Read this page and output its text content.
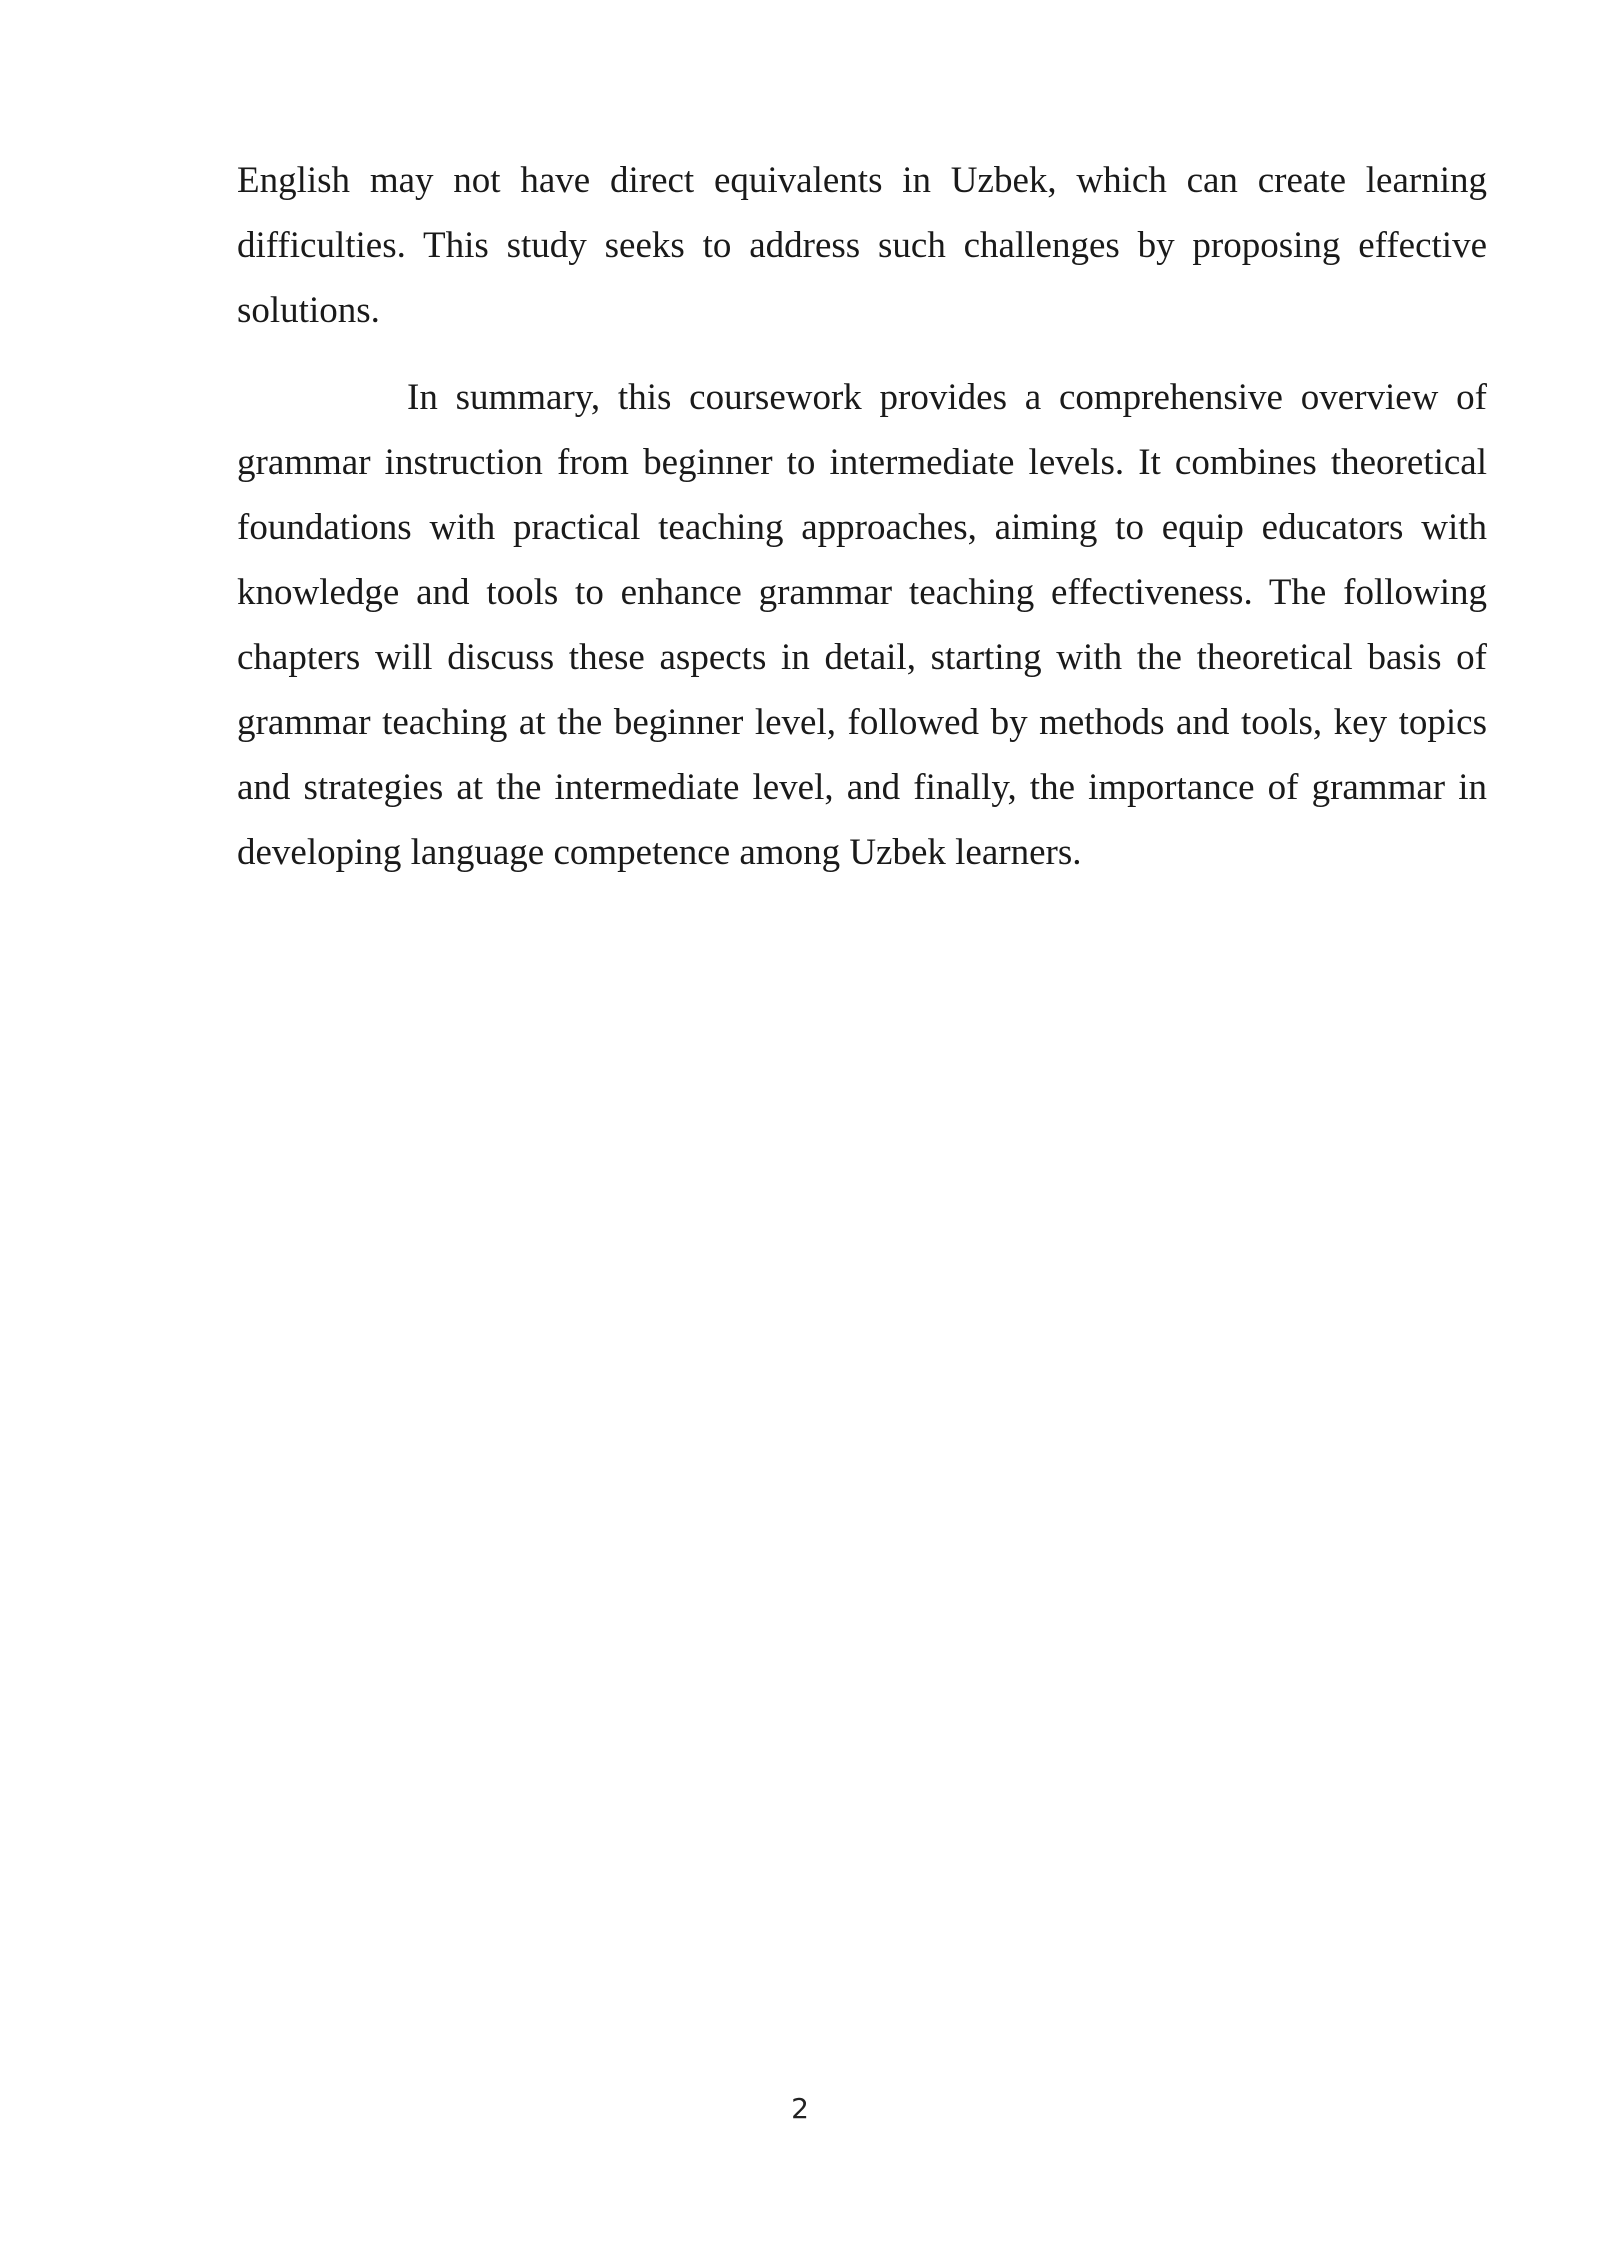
English may not have direct equivalents in Uzbek, which can create learning difficulties. This study seeks to address such challenges by proposing effective solutions.

In summary, this coursework provides a comprehensive overview of grammar instruction from beginner to intermediate levels. It combines theoretical foundations with practical teaching approaches, aiming to equip educators with knowledge and tools to enhance grammar teaching effectiveness. The following chapters will discuss these aspects in detail, starting with the theoretical basis of grammar teaching at the beginner level, followed by methods and tools, key topics and strategies at the intermediate level, and finally, the importance of grammar in developing language competence among Uzbek learners.

2
